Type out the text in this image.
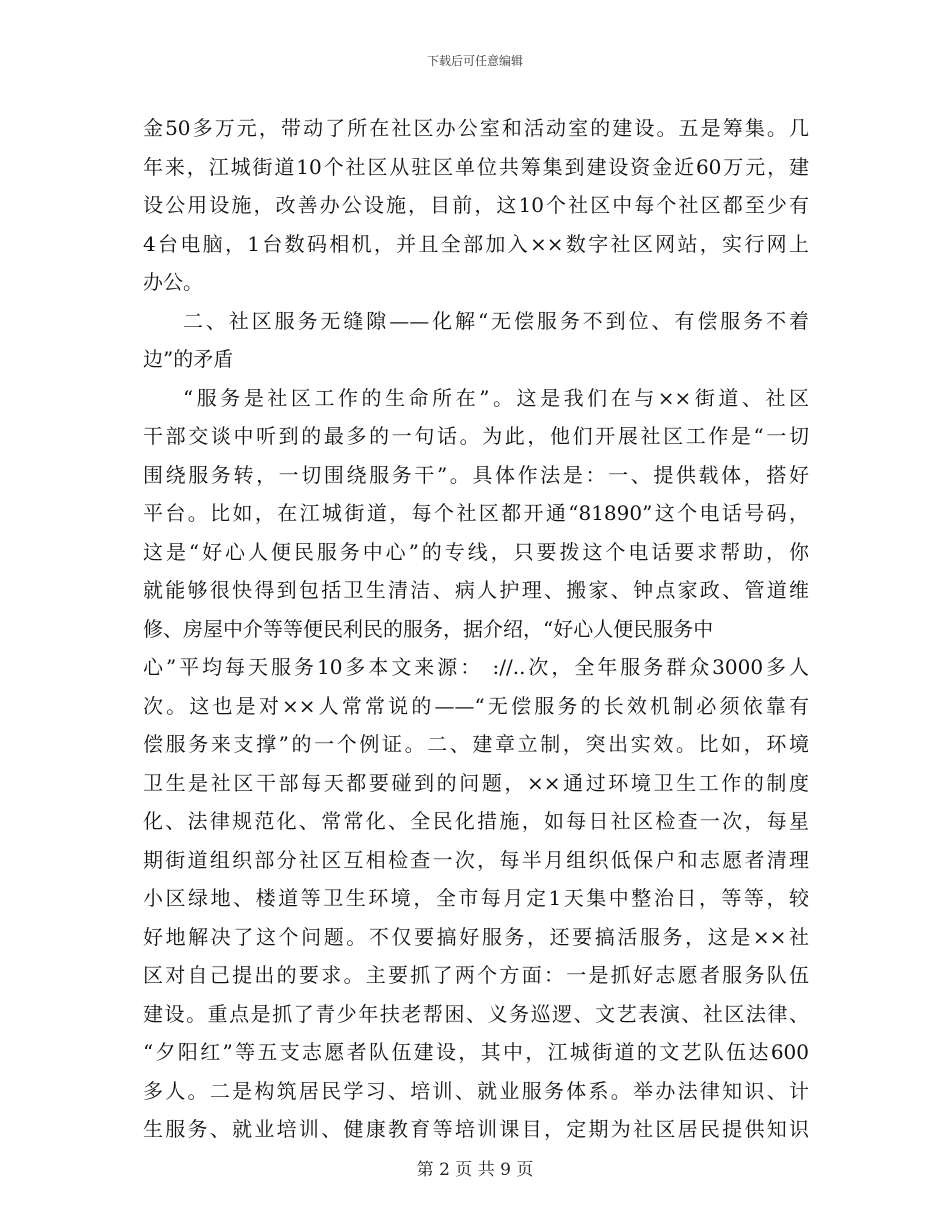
下载后可任意编辑
金50多万元，带动了所在社区办公室和活动室的建设。五是筹集。几
年来，江城街道10个社区从驻区单位共筹集到建设资金近60万元，建
设公用设施，改善办公设施，目前，这10个社区中每个社区都至少有
4台电脑，1台数码相机，并且全部加入××数字社区网站，实行网上
办公。
二、社区服务无缝隙——化解“无偿服务不到位、有偿服务不着
边”的矛盾
“服务是社区工作的生命所在”。这是我们在与××街道、社区
干部交谈中听到的最多的一句话。为此，他们开展社区工作是“一切
围绕服务转，一切围绕服务干”。具体作法是：一、提供载体，搭好
平台。比如，在江城街道，每个社区都开通“81890”这个电话号码，
这是“好心人便民服务中心”的专线，只要拨这个电话要求帮助，你
就能够很快得到包括卫生清洁、病人护理、搬家、钟点家政、管道维
修、房屋中介等等便民利民的服务，据介绍，“好心人便民服务中
心”平均每天服务10多本文来源： ://..次，全年服务群众3000多人
次。这也是对××人常常说的——“无偿服务的长效机制必须依靠有
偿服务来支撑”的一个例证。二、建章立制，突出实效。比如，环境
卫生是社区干部每天都要碰到的问题，××通过环境卫生工作的制度
化、法律规范化、常常化、全民化措施，如每日社区检查一次，每星
期街道组织部分社区互相检查一次，每半月组织低保户和志愿者清理
小区绿地、楼道等卫生环境，全市每月定1天集中整治日，等等，较
好地解决了这个问题。不仅要搞好服务，还要搞活服务，这是××社
区对自己提出的要求。主要抓了两个方面：一是抓好志愿者服务队伍
建设。重点是抓了青少年扶老帮困、义务巡逻、文艺表演、社区法律、
“夕阳红”等五支志愿者队伍建设，其中，江城街道的文艺队伍达600
多人。二是构筑居民学习、培训、就业服务体系。举办法律知识、计
生服务、就业培训、健康教育等培训课目，定期为社区居民提供知识
第 2 页 共 9 页
